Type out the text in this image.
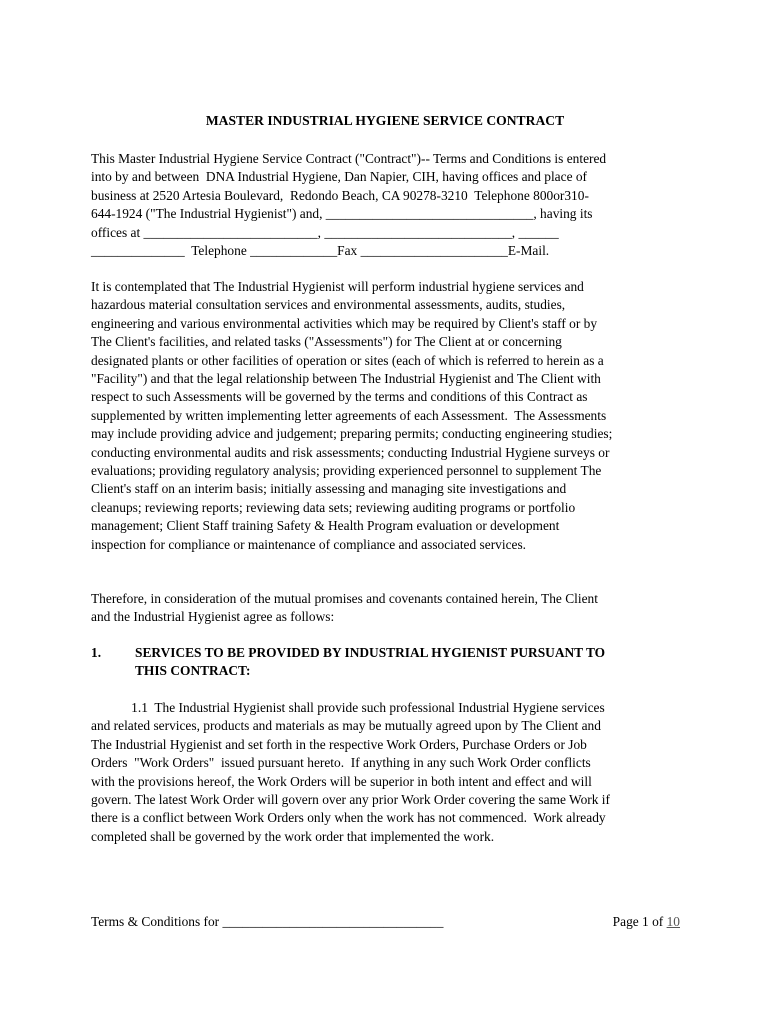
MASTER INDUSTRIAL HYGIENE SERVICE CONTRACT
This Master Industrial Hygiene Service Contract ("Contract")-- Terms and Conditions is entered
into by and between  DNA Industrial Hygiene, Dan Napier, CIH, having offices and place of
business at 2520 Artesia Boulevard,  Redondo Beach, CA 90278-3210  Telephone 800or310-
644-1924 ("The Industrial Hygienist") and, _______________________________, having its
offices at __________________________, ____________________________, ______
______________  Telephone _____________Fax ______________________E-Mail.
It is contemplated that The Industrial Hygienist will perform industrial hygiene services and
hazardous material consultation services and environmental assessments, audits, studies,
engineering and various environmental activities which may be required by Client's staff or by
The Client's facilities, and related tasks ("Assessments") for The Client at or concerning
designated plants or other facilities of operation or sites (each of which is referred to herein as a
"Facility") and that the legal relationship between The Industrial Hygienist and The Client with
respect to such Assessments will be governed by the terms and conditions of this Contract as
supplemented by written implementing letter agreements of each Assessment.  The Assessments
may include providing advice and judgement; preparing permits; conducting engineering studies;
conducting environmental audits and risk assessments; conducting Industrial Hygiene surveys or
evaluations; providing regulatory analysis; providing experienced personnel to supplement The
Client's staff on an interim basis; initially assessing and managing site investigations and
cleanups; reviewing reports; reviewing data sets; reviewing auditing programs or portfolio
management; Client Staff training Safety & Health Program evaluation or development
inspection for compliance or maintenance of compliance and associated services.
Therefore, in consideration of the mutual promises and covenants contained herein, The Client
and the Industrial Hygienist agree as follows:
1.	SERVICES TO BE PROVIDED BY INDUSTRIAL HYGIENIST PURSUANT TO
THIS CONTRACT:
1.1  The Industrial Hygienist shall provide such professional Industrial Hygiene services
and related services, products and materials as may be mutually agreed upon by The Client and
The Industrial Hygienist and set forth in the respective Work Orders, Purchase Orders or Job
Orders  "Work Orders"  issued pursuant hereto.  If anything in any such Work Order conflicts
with the provisions hereof, the Work Orders will be superior in both intent and effect and will
govern. The latest Work Order will govern over any prior Work Order covering the same Work if
there is a conflict between Work Orders only when the work has not commenced.  Work already
completed shall be governed by the work order that implemented the work.
Terms & Conditions for _________________________________	Page 1 of 10
